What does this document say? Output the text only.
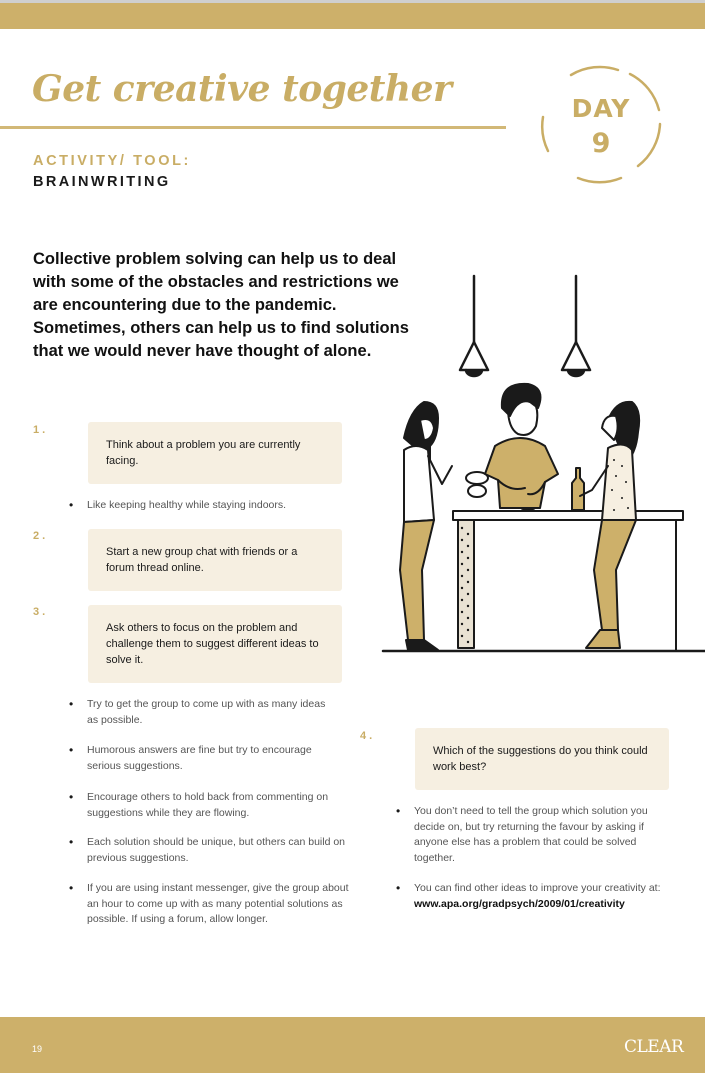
Get creative together	DAY
9
ACTIVITY/ TOOL:
BRAINWRITING
Collective problem solving can help us to deal with some of the obstacles and restrictions we are encountering due to the pandemic. Sometimes, others can help us to find solutions that we would never have thought of alone.
1.
Think about a problem you are currently facing.
• Like keeping healthy while staying indoors.
2.
Start a new group chat with friends or a forum thread online.
3.
Ask others to focus on the problem and challenge them to suggest different ideas to solve it.
• Try to get the group to come up with as many ideas as possible.
• Humorous answers are fine but try to encourage serious suggestions.
• Encourage others to hold back from commenting on suggestions while they are flowing.
• Each solution should be unique, but others can build on previous suggestions.
• If you are using instant messenger, give the group about an hour to come up with as many potential solutions as possible. If using a forum, allow longer.
4.
Which of the suggestions do you think could work best?
• You don’t need to tell the group which solution you decide on, but try returning the favour by asking if anyone else has a problem that could be solved together.
• You can find other ideas to improve your creativity at:
www.apa.org/gradpsych/2009/01/creativity
19	CLEAR
